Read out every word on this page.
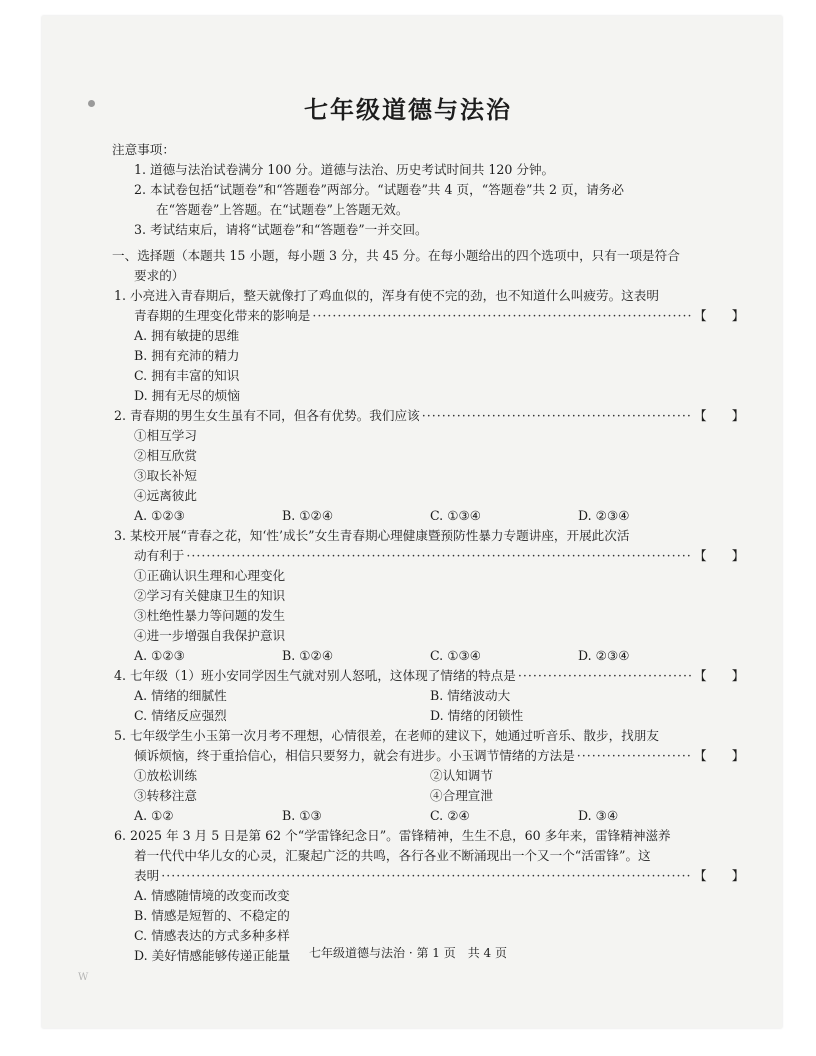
七年级道德与法治
注意事项：
1. 道德与法治试卷满分 100 分。道德与法治、历史考试时间共 120 分钟。
2. 本试卷包括“试题卷”和“答题卷”两部分。“试题卷”共 4 页，“答题卷”共 2 页，请务必
在“答题卷”上答题。在“试题卷”上答题无效。
3. 考试结束后，请将“试题卷”和“答题卷”一并交回。
一、选择题（本题共 15 小题，每小题 3 分，共 45 分。在每小题给出的四个选项中，只有一项是符合
要求的）
1. 小亮进入青春期后，整天就像打了鸡血似的，浑身有使不完的劲，也不知道什么叫疲劳。这表明
青春期的生理变化带来的影响是 ·····	【　　】
A. 拥有敏捷的思维
B. 拥有充沛的精力
C. 拥有丰富的知识
D. 拥有无尽的烦恼
2. 青春期的男生女生虽有不同，但各有优势。我们应该 ·····	【　　】
①相互学习
②相互欣赏
③取长补短
④远离彼此
A. ①②③	B. ①②④	C. ①③④	D. ②③④
3. 某校开展“青春之花，知‘性’成长”女生青春期心理健康暨预防性暴力专题讲座，开展此次活
动有利于 ·····	【　　】
①正确认识生理和心理变化
②学习有关健康卫生的知识
③杜绝性暴力等问题的发生
④进一步增强自我保护意识
A. ①②③	B. ①②④	C. ①③④	D. ②③④
4. 七年级（1）班小安同学因生气就对别人怒吼，这体现了情绪的特点是 ·····	【　　】
A. 情绪的细腻性	B. 情绪波动大
C. 情绪反应强烈	D. 情绪的闭锁性
5. 七年级学生小玉第一次月考不理想，心情很差，在老师的建议下，她通过听音乐、散步，找朋友
倾诉烦恼，终于重拾信心，相信只要努力，就会有进步。小玉调节情绪的方法是 ·····	【　　】
①放松训练	②认知调节
③转移注意	④合理宣泄
A. ①②	B. ①③	C. ②④	D. ③④
6. 2025 年 3 月 5 日是第 62 个“学雷锋纪念日”。雷锋精神，生生不息，60 多年来，雷锋精神滋养
着一代代中华儿女的心灵，汇聚起广泛的共鸣，各行各业不断涌现出一个又一个“活雷锋”。这
表明 ·····	【　　】
A. 情感随情境的改变而改变
B. 情感是短暂的、不稳定的
C. 情感表达的方式多种多样
D. 美好情感能够传递正能量	七年级道德与法治 · 第 1 页　共 4 页
W
